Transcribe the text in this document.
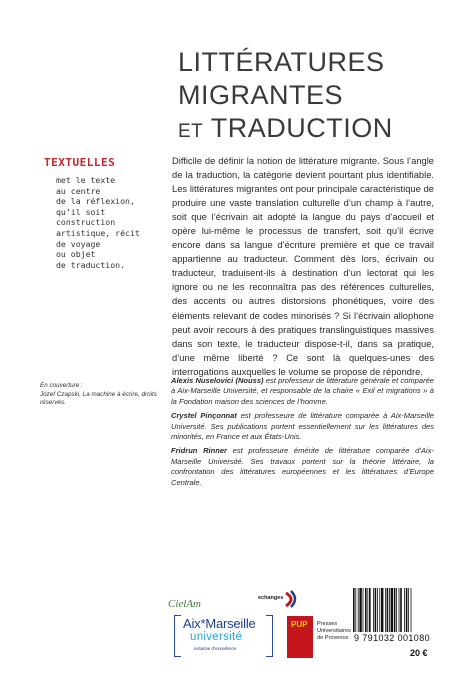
LITTÉRATURES
MIGRANTES
ET TRADUCTION
TEXTUELLES
met le texte
au centre
de la réflexion,
qu’il soit
construction
artistique, récit
de voyage
ou objet
de traduction.
Difficile de définir la notion de littérature migrante. Sous l’angle de la traduction, la catégorie devient pourtant plus identifiable. Les littératures migrantes ont pour principale caractéristique de produire une vaste translation culturelle d’un champ à l’autre, soit que l’écrivain ait adopté la langue du pays d’accueil et opère lui-même le processus de transfert, soit qu’il écrive encore dans sa langue d’écriture première et que ce travail appartienne au traducteur. Comment dès lors, écrivain ou traducteur, traduisent-ils à destination d’un lectorat qui les ignore ou ne les reconnaîtra pas des références culturelles, des accents ou autres distorsions phonétiques, voire des éléments relevant de codes minorisés ? Si l’écrivain allophone peut avoir recours à des pratiques translinguistiques massives dans son texte, le traducteur dispose-t-il, dans sa pratique, d’une même liberté ? Ce sont là quelques-unes des interrogations auxquelles le volume se propose de répondre.
En couverture :
Józef Czapski, La machine à écrire, droits réservés.

Alexis Nuselovici (Nouss) est professeur de littérature générale et comparée à Aix-Marseille Université, et responsable de la chaire « Exil et migrations » à la Fondation maison des sciences de l’homme.

Crystel Pinçonnat est professeure de littérature comparée à Aix-Marseille Université. Ses publications portent essentiellement sur les littératures des minorités, en France et aux États-Unis.

Fridrun Rinner est professeure émérite de littérature comparée d’Aix-Marseille Université. Ses travaux portent sur la théorie littéraire, la confrontation des littératures européennes et les littératures d’Europe Centrale.

CielAm	echanges
Aix*Marseille
université
initiative d’excellence
PUP Presses
Universitaires
de Provence 9 791032 001080
20 €
